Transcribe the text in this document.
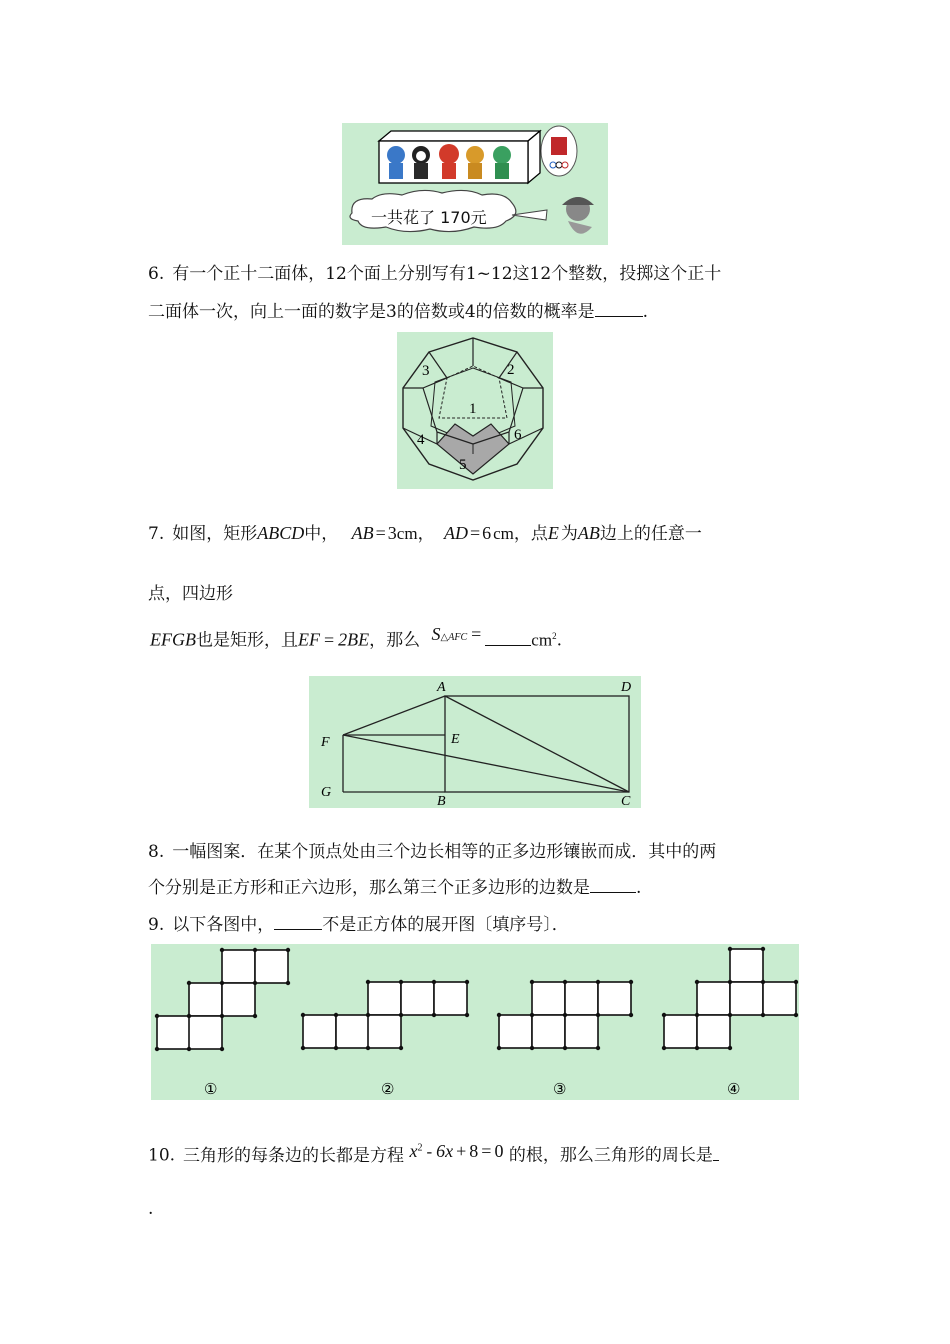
一共花了 170元
6. 有一个正十二面体，12个面上分别写有1~12这12个整数，投掷这个正十
二面体一次，向上一面的数字是3的倍数或4的倍数的概率是	.
1
2
3
4
5
6
7. 如图，矩形ABCD中， AB = 3cm， AD = 6 cm，点E 为AB边上的任意一
点，四边形
EFGB也是矩形，且EF = 2BE，那么 S△AFC =	$cm^2$.
A	D
F	E
G
B	C
8. 一幅图案．在某个顶点处由三个边长相等的正多边形镶嵌而成．其中的两
个分别是正方形和正六边形，那么第三个正多边形的边数是	.
9. 以下各图中，	不是正方体的展开图〔填序号〕．
①	②	③	④
10. 三角形的每条边的长都是方程 $x^2 - 6x + 8 = 0$ 的根，那么三角形的周长是
.
